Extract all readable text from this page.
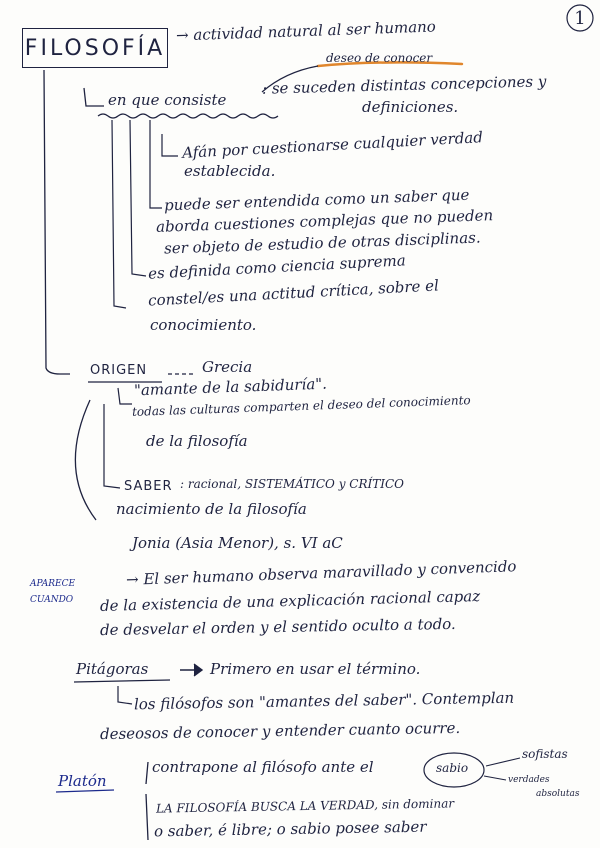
1
FILOSOFÍA
→ actividad natural al ser humano
deseo de conocer
en que consiste
: se suceden distintas concepciones y
definiciones.
Afán por cuestionarse cualquier verdad
establecida.
puede ser entendida como un saber que
aborda cuestiones complejas que no pueden
ser objeto de estudio de otras disciplinas.
es definida como ciencia suprema
constel/es una actitud crítica, sobre el
conocimiento.
ORIGEN	Grecia
"amante de la sabiduría".
todas las culturas comparten el deseo del conocimiento
de la filosofía
SABER : racional, SISTEMÁTICO y CRÍTICO
nacimiento de la filosofía
Jonia (Asia Menor), s. VI aC
APARECE
CUANDO
→ El ser humano observa maravillado y convencido
de la existencia de una explicación racional capaz
de desvelar el orden y el sentido oculto a todo.
Pitágoras	Primero en usar el término.
los filósofos son "amantes del saber". Contemplan
deseosos de conocer y entender cuanto ocurre.
Platón
contrapone al filósofo ante el	sabio
sofistas
verdades
absolutas
LA FILOSOFÍA BUSCA LA VERDAD, sin dominar
o saber, é libre; o sabio posee saber
